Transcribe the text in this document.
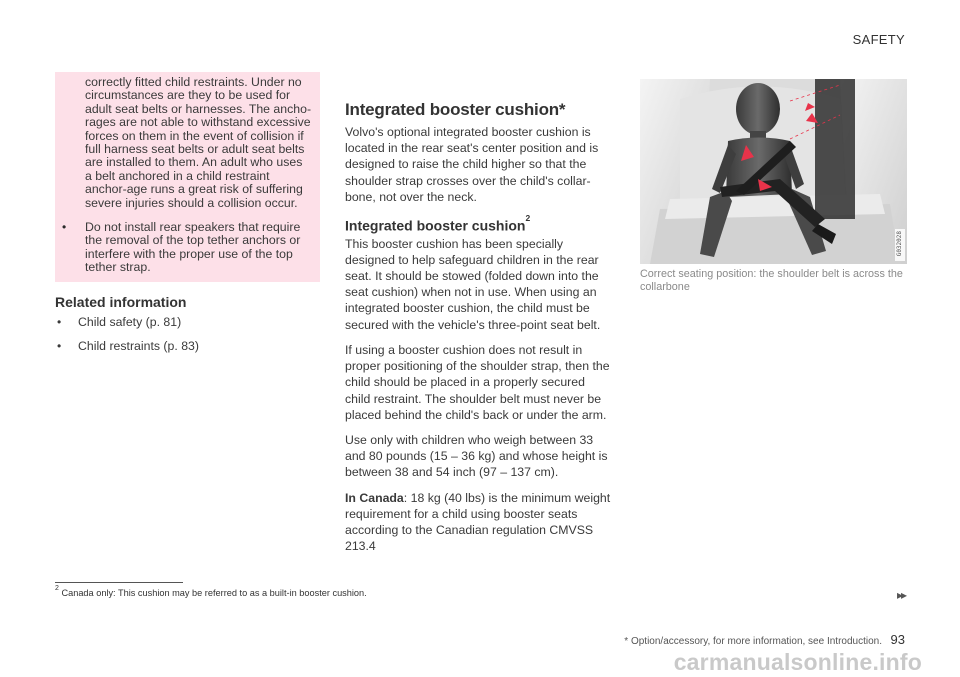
SAFETY

correctly fitted child restraints. Under no circumstances are they to be used for adult seat belts or harnesses. The ancho-rages are not able to withstand excessive forces on them in the event of collision if full harness seat belts or adult seat belts are installed to them. An adult who uses a belt anchored in a child restraint anchor-age runs a great risk of suffering severe injuries should a collision occur.

• Do not install rear speakers that require the removal of the top tether anchors or interfere with the proper use of the top tether strap.

Related information
• Child safety (p. 81)
• Child restraints (p. 83)
Integrated booster cushion*

Volvo's optional integrated booster cushion is located in the rear seat's center position and is designed to raise the child higher so that the shoulder strap crosses over the child's collar-bone, not over the neck.

Integrated booster cushion$^2$

This booster cushion has been specially designed to help safeguard children in the rear seat. It should be stowed (folded down into the seat cushion) when not in use. When using an integrated booster cushion, the child must be secured with the vehicle's three-point seat belt.

If using a booster cushion does not result in proper positioning of the shoulder strap, then the child should be placed in a properly secured child restraint. The shoulder belt must never be placed behind the child's back or under the arm.

Use only with children who weigh between 33 and 80 pounds (15 – 36 kg) and whose height is between 38 and 54 inch (97 – 137 cm).

In Canada: 18 kg (40 lbs) is the minimum weight requirement for a child using booster seats according to the Canadian regulation CMVSS 213.4

G032028
Correct seating position: the shoulder belt is across the collarbone
$^2$ Canada only: This cushion may be referred to as a built-in booster cushion.	▸▸
* Option/accessory, for more information, see Introduction. 93
carmanualsonline.info
